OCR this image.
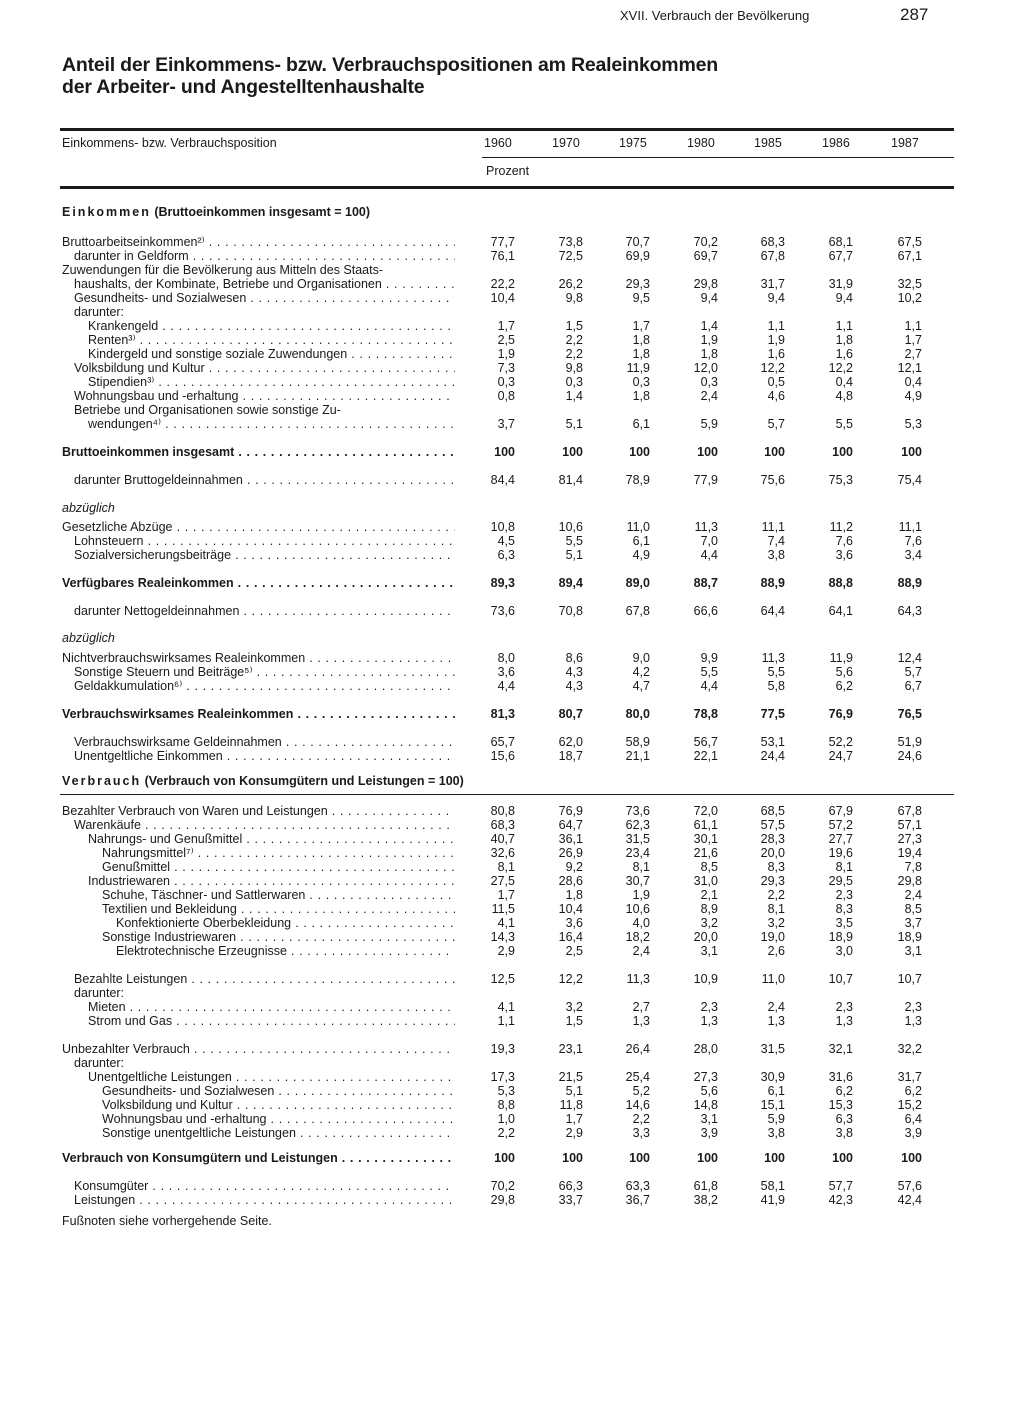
XVII. Verbrauch der Bevölkerung	287
Anteil der Einkommens- bzw. Verbrauchspositionen am Realeinkommen
der Arbeiter- und Angestelltenhaushalte
Einkommens- bzw. Verbrauchsposition	1960	1970	1975	1980	1985	1986	1987
Prozent
Einkommen (Bruttoeinkommen insgesamt = 100)
Verbrauch (Verbrauch von Konsumgütern und Leistungen = 100)
Bruttoarbeitseinkommen²⁾ . . .	77,7	73,8	70,7	70,2	68,3	68,1	67,5
darunter in Geldform . . .	76,1	72,5	69,9	69,7	67,8	67,7	67,1
Zuwendungen für die Bevölkerung aus Mitteln des Staats-
haushalts, der Kombinate, Betriebe und Organisationen . . .	22,2	26,2	29,3	29,8	31,7	31,9	32,5
Gesundheits- und Sozialwesen . . .	10,4	9,8	9,5	9,4	9,4	9,4	10,2
darunter:
Krankengeld . . .	1,7	1,5	1,7	1,4	1,1	1,1	1,1
Renten³⁾ . . .	2,5	2,2	1,8	1,9	1,9	1,8	1,7
Kindergeld und sonstige soziale Zuwendungen . . .	1,9	2,2	1,8	1,8	1,6	1,6	2,7
Volksbildung und Kultur . . .	7,3	9,8	11,9	12,0	12,2	12,2	12,1
Stipendien³⁾ . . .	0,3	0,3	0,3	0,3	0,5	0,4	0,4
Wohnungsbau und -erhaltung . . .	0,8	1,4	1,8	2,4	4,6	4,8	4,9
Betriebe und Organisationen sowie sonstige Zu-
wendungen⁴⁾ . . .	3,7	5,1	6,1	5,9	5,7	5,5	5,3
Bruttoeinkommen insgesamt . . .	100	100	100	100	100	100	100
darunter Bruttogeldeinnahmen . . .	84,4	81,4	78,9	77,9	75,6	75,3	75,4
abzüglich
Gesetzliche Abzüge . . .	10,8	10,6	11,0	11,3	11,1	11,2	11,1
Lohnsteuern . . .	4,5	5,5	6,1	7,0	7,4	7,6	7,6
Sozialversicherungsbeiträge . . .	6,3	5,1	4,9	4,4	3,8	3,6	3,4
Verfügbares Realeinkommen . . .	89,3	89,4	89,0	88,7	88,9	88,8	88,9
darunter Nettogeldeinnahmen . . .	73,6	70,8	67,8	66,6	64,4	64,1	64,3
abzüglich
Nichtverbrauchswirksames Realeinkommen . . .	8,0	8,6	9,0	9,9	11,3	11,9	12,4
Sonstige Steuern und Beiträge⁵⁾ . . .	3,6	4,3	4,2	5,5	5,5	5,6	5,7
Geldakkumulation⁶⁾ . . .	4,4	4,3	4,7	4,4	5,8	6,2	6,7
Verbrauchswirksames Realeinkommen . . .	81,3	80,7	80,0	78,8	77,5	76,9	76,5
Verbrauchswirksame Geldeinnahmen . . .	65,7	62,0	58,9	56,7	53,1	52,2	51,9
Unentgeltliche Einkommen . . .	15,6	18,7	21,1	22,1	24,4	24,7	24,6
Bezahlter Verbrauch von Waren und Leistungen . . .	80,8	76,9	73,6	72,0	68,5	67,9	67,8
Warenkäufe . . .	68,3	64,7	62,3	61,1	57,5	57,2	57,1
Nahrungs- und Genußmittel . . .	40,7	36,1	31,5	30,1	28,3	27,7	27,3
Nahrungsmittel⁷⁾ . . .	32,6	26,9	23,4	21,6	20,0	19,6	19,4
Genußmittel . . .	8,1	9,2	8,1	8,5	8,3	8,1	7,8
Industriewaren . . .	27,5	28,6	30,7	31,0	29,3	29,5	29,8
Schuhe, Täschner- und Sattlerwaren . . .	1,7	1,8	1,9	2,1	2,2	2,3	2,4
Textilien und Bekleidung . . .	11,5	10,4	10,6	8,9	8,1	8,3	8,5
Konfektionierte Oberbekleidung . . .	4,1	3,6	4,0	3,2	3,2	3,5	3,7
Sonstige Industriewaren . . .	14,3	16,4	18,2	20,0	19,0	18,9	18,9
Elektrotechnische Erzeugnisse . . .	2,9	2,5	2,4	3,1	2,6	3,0	3,1
Bezahlte Leistungen . . .	12,5	12,2	11,3	10,9	11,0	10,7	10,7
darunter:
Mieten . . .	4,1	3,2	2,7	2,3	2,4	2,3	2,3
Strom und Gas . . .	1,1	1,5	1,3	1,3	1,3	1,3	1,3
Unbezahlter Verbrauch . . .	19,3	23,1	26,4	28,0	31,5	32,1	32,2
darunter:
Unentgeltliche Leistungen . . .	17,3	21,5	25,4	27,3	30,9	31,6	31,7
Gesundheits- und Sozialwesen . . .	5,3	5,1	5,2	5,6	6,1	6,2	6,2
Volksbildung und Kultur . . .	8,8	11,8	14,6	14,8	15,1	15,3	15,2
Wohnungsbau und -erhaltung . . .	1,0	1,7	2,2	3,1	5,9	6,3	6,4
Sonstige unentgeltliche Leistungen . . .	2,2	2,9	3,3	3,9	3,8	3,8	3,9
Verbrauch von Konsumgütern und Leistungen . . .	100	100	100	100	100	100	100
Konsumgüter . . .	70,2	66,3	63,3	61,8	58,1	57,7	57,6
Leistungen . . .	29,8	33,7	36,7	38,2	41,9	42,3	42,4
Fußnoten siehe vorhergehende Seite.
